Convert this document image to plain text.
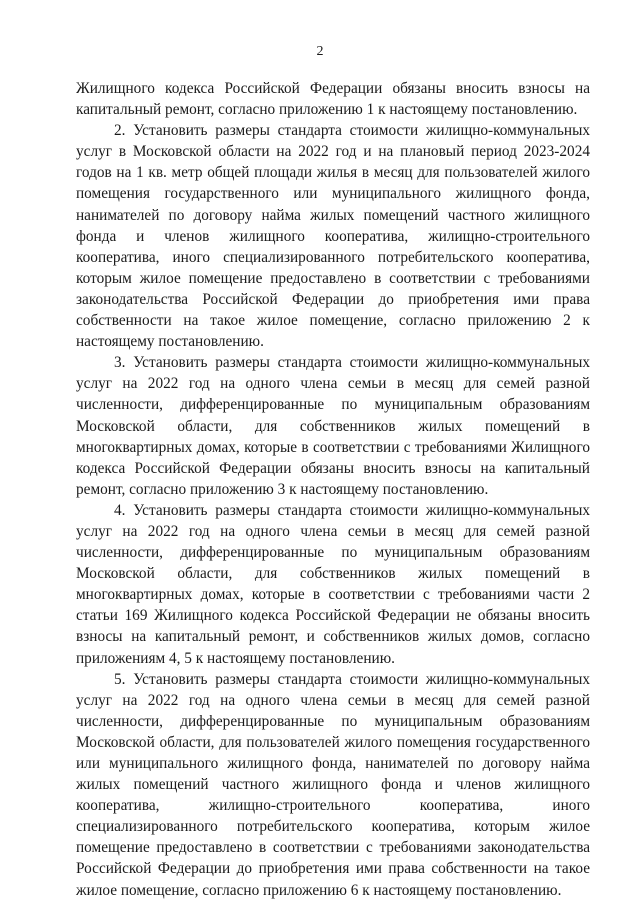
2

Жилищного кодекса Российской Федерации обязаны вносить взносы на капитальный ремонт, согласно приложению 1 к настоящему постановлению.

2. Установить размеры стандарта стоимости жилищно-коммунальных услуг в Московской области на 2022 год и на плановый период 2023-2024 годов на 1 кв. метр общей площади жилья в месяц для пользователей жилого помещения государственного или муниципального жилищного фонда, нанимателей по договору найма жилых помещений частного жилищного фонда и членов жилищного кооператива, жилищно-строительного кооператива, иного специализированного потребительского кооператива, которым жилое помещение предоставлено в соответствии с требованиями законодательства Российской Федерации до приобретения ими права собственности на такое жилое помещение, согласно приложению 2 к настоящему постановлению.

3. Установить размеры стандарта стоимости жилищно-коммунальных услуг на 2022 год на одного члена семьи в месяц для семей разной численности, дифференцированные по муниципальным образованиям Московской области, для собственников жилых помещений в многоквартирных домах, которые в соответствии с требованиями Жилищного кодекса Российской Федерации обязаны вносить взносы на капитальный ремонт, согласно приложению 3 к настоящему постановлению.

4. Установить размеры стандарта стоимости жилищно-коммунальных услуг на 2022 год на одного члена семьи в месяц для семей разной численности, дифференцированные по муниципальным образованиям Московской области, для собственников жилых помещений в многоквартирных домах, которые в соответствии с требованиями части 2 статьи 169 Жилищного кодекса Российской Федерации не обязаны вносить взносы на капитальный ремонт, и собственников жилых домов, согласно приложениям 4, 5 к настоящему постановлению.

5. Установить размеры стандарта стоимости жилищно-коммунальных услуг на 2022 год на одного члена семьи в месяц для семей разной численности, дифференцированные по муниципальным образованиям Московской области, для пользователей жилого помещения государственного или муниципального жилищного фонда, нанимателей по договору найма жилых помещений частного жилищного фонда и членов жилищного кооператива, жилищно-строительного кооператива, иного специализированного потребительского кооператива, которым жилое помещение предоставлено в соответствии с требованиями законодательства Российской Федерации до приобретения ими права собственности на такое жилое помещение, согласно приложению 6 к настоящему постановлению.
